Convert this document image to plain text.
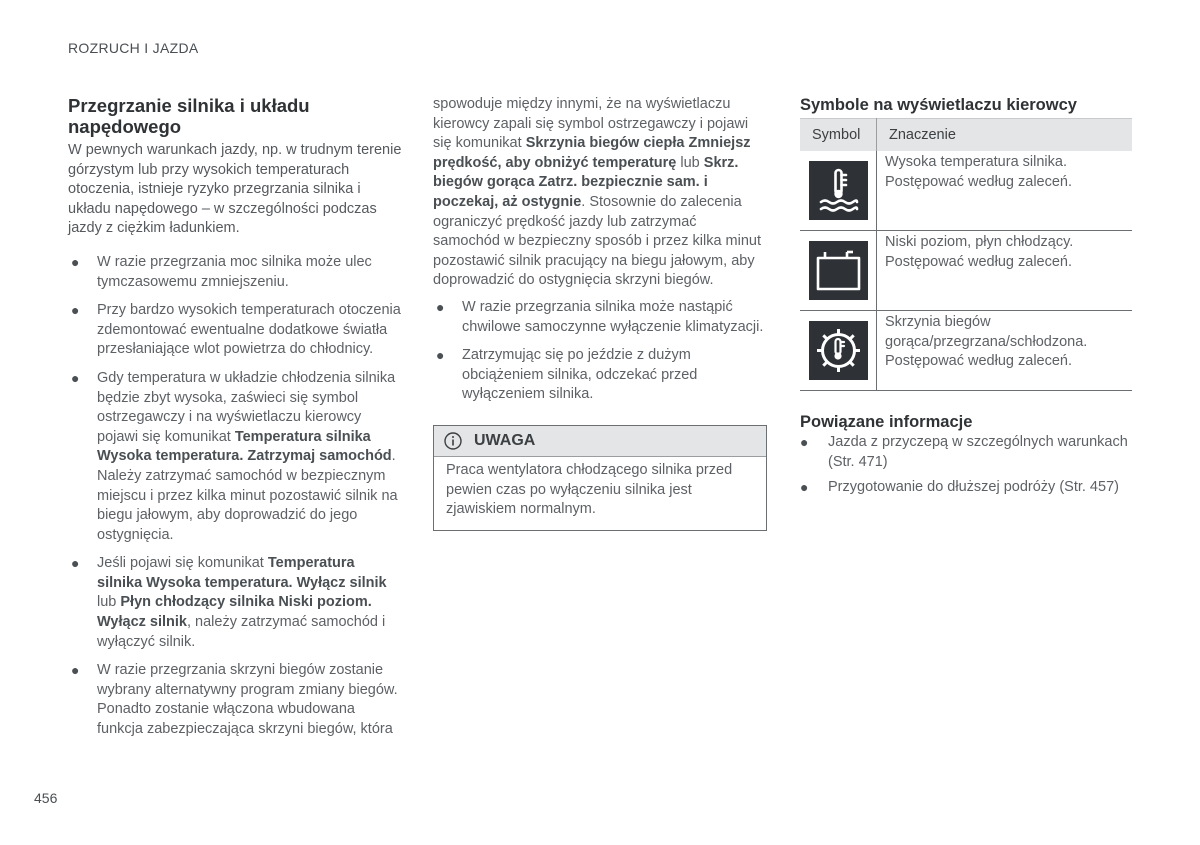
ROZRUCH I JAZDA
Przegrzanie silnika i układu napędowego

W pewnych warunkach jazdy, np. w trudnym terenie górzystym lub przy wysokich temperaturach otoczenia, istnieje ryzyko przegrzania silnika i układu napędowego – w szczególności podczas jazdy z ciężkim ładunkiem.

● W razie przegrzania moc silnika może ulec tymczasowemu zmniejszeniu.
● Przy bardzo wysokich temperaturach otoczenia zdemontować ewentualne dodatkowe światła przesłaniające wlot powietrza do chłodnicy.
● Gdy temperatura w układzie chłodzenia silnika będzie zbyt wysoka, zaświeci się symbol ostrzegawczy i na wyświetlaczu kierowcy pojawi się komunikat Temperatura silnika Wysoka temperatura. Zatrzymaj samochód. Należy zatrzymać samochód w bezpiecznym miejscu i przez kilka minut pozostawić silnik na biegu jałowym, aby doprowadzić do jego ostygnięcia.
● Jeśli pojawi się komunikat Temperatura silnika Wysoka temperatura. Wyłącz silnik lub Płyn chłodzący silnika Niski poziom. Wyłącz silnik, należy zatrzymać samochód i wyłączyć silnik.
● W razie przegrzania skrzyni biegów zostanie wybrany alternatywny program zmiany biegów. Ponadto zostanie włączona wbudowana funkcja zabezpieczająca skrzyni biegów, która

spowoduje między innymi, że na wyświetlaczu kierowcy zapali się symbol ostrzegawczy i pojawi się komunikat Skrzynia biegów ciepła Zmniejsz prędkość, aby obniżyć temperaturę lub Skrz. biegów gorąca Zatrz. bezpiecznie sam. i poczekaj, aż ostygnie. Stosownie do zalecenia ograniczyć prędkość jazdy lub zatrzymać samochód w bezpieczny sposób i przez kilka minut pozostawić silnik pracujący na biegu jałowym, aby doprowadzić do ostygnięcia skrzyni biegów.

● W razie przegrzania silnika może nastąpić chwilowe samoczynne wyłączenie klimatyzacji.
● Zatrzymując się po jeździe z dużym obciążeniem silnika, odczekać przed wyłączeniem silnika.
UWAGA
Praca wentylatora chłodzącego silnika przed pewien czas po wyłączeniu silnika jest zjawiskiem normalnym.
Symbole na wyświetlaczu kierowcy
Symbol	Znaczenie

	Wysoka temperatura silnika. Postępować według zaleceń.

	Niski poziom, płyn chłodzący. Postępować według zaleceń.

	Skrzynia biegów gorąca/przegrzana/schłodzona. Postępować według zaleceń.
Powiązane informacje
● Jazda z przyczepą w szczególnych warunkach (Str. 471)
● Przygotowanie do dłuższej podróży (Str. 457)
456
